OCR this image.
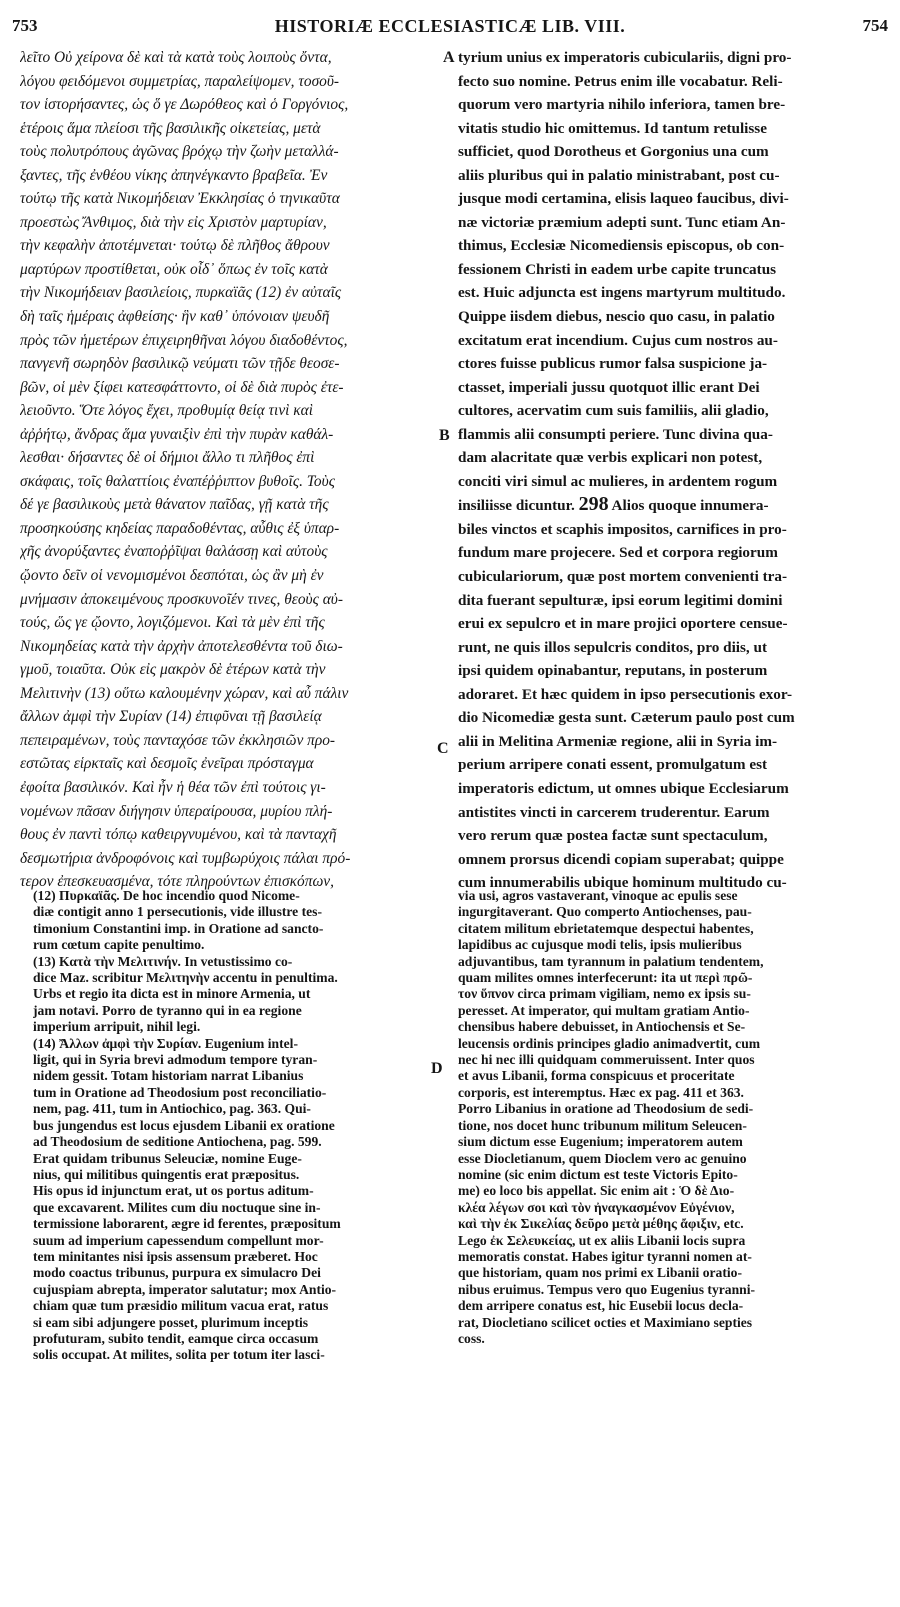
753	HISTORIÆ ECCLESIASTICÆ LIB. VIII.	754
λεῖτο Οὐ χείρονα δὲ καὶ τὰ κατὰ τοὺς λοιποὺς ὄντα,
λόγου φειδόμενοι συμμετρίας, παραλείψομεν, τοσοῦ-
τον ἱστορήσαντες, ὡς ὅ γε Δωρόθεος καὶ ὁ Γοργόνιος,
ἑτέροις ἅμα πλείοσι τῆς βασιλικῆς οἰκετείας, μετὰ
τοὺς πολυτρόπους ἀγῶνας βρόχῳ τὴν ζωὴν μεταλλά-
ξαντες, τῆς ἐνθέου νίκης ἀπηνέγκαντο βραβεῖα. Ἐν
τούτῳ τῆς κατὰ Νικομήδειαν Ἐκκλησίας ὁ τηνικαῦτα
προεστὼς Ἄνθιμος, διὰ τὴν εἰς Χριστὸν μαρτυρίαν,
τὴν κεφαλὴν ἀποτέμνεται· τούτῳ δὲ πλῆθος ἄθρουν
μαρτύρων προστίθεται, οὐκ οἶδ᾽ ὅπως ἐν τοῖς κατὰ
τὴν Νικομήδειαν βασιλείοις, πυρκαϊᾶς (12) ἐν αὐταῖς
δὴ ταῖς ἡμέραις ἀφθείσης· ἣν καθ᾽ ὑπόνοιαν ψευδῆ
πρὸς τῶν ἡμετέρων ἐπιχειρηθῆναι λόγου διαδοθέντος,
πανγενῆ σωρηδὸν βασιλικῷ νεύματι τῶν τῇδε θεοσε-
βῶν, οἱ μὲν ξίφει κατεσφάττοντο, οἱ δὲ διὰ πυρὸς ἐτε-
λειοῦντο. Ὅτε λόγος ἔχει, προθυμίᾳ θείᾳ τινὶ καὶ
ἀῤῥήτῳ, ἄνδρας ἅμα γυναιξὶν ἐπὶ τὴν πυρὰν καθάλ-
λεσθαι· δήσαντες δὲ οἱ δήμιοι ἄλλο τι πλῆθος ἐπὶ
σκάφαις, τοῖς θαλαττίοις ἐναπέῤῥιπτον βυθοῖς. Τοὺς
δέ γε βασιλικοὺς μετὰ θάνατον παῖδας, γῇ κατὰ τῆς
προσηκούσης κηδείας παραδοθέντας, αὖθις ἐξ ὑπαρ-
χῆς ἀνορύξαντες ἐναποῤῥῖψαι θαλάσσῃ καὶ αὐτοὺς
ᾤοντο δεῖν οἱ νενομισμένοι δεσπόται, ὡς ἂν μὴ ἐν
μνήμασιν ἀποκειμένους προσκυνοῖέν τινες, θεοὺς αὐ-
τούς, ὥς γε ᾤοντο, λογιζόμενοι. Καὶ τὰ μὲν ἐπὶ τῆς
Νικομηδείας κατὰ τὴν ἀρχὴν ἀποτελεσθέντα τοῦ διω-
γμοῦ, τοιαῦτα. Οὐκ εἰς μακρὸν δὲ ἑτέρων κατὰ τὴν
Μελιτινὴν (13) οὕτω καλουμένην χώραν, καὶ αὖ πάλιν
ἄλλων ἀμφὶ τὴν Συρίαν (14) ἐπιφῦναι τῇ βασιλείᾳ
πεπειραμένων, τοὺς πανταχόσε τῶν ἐκκλησιῶν προ-
εστῶτας εἱρκταῖς καὶ δεσμοῖς ἐνεῖραι πρόσταγμα
ἐφοίτα βασιλικόν. Καὶ ἦν ἡ θέα τῶν ἐπὶ τούτοις γι-
νομένων πᾶσαν διήγησιν ὑπεραίρουσα, μυρίου πλή-
θους ἐν παντὶ τόπῳ καθειργνυμένου, καὶ τὰ πανταχῆ
δεσμωτήρια ἀνδροφόνοις καὶ τυμβωρύχοις πάλαι πρό-
τερον ἐπεσκευασμένα, τότε πληρούντων ἐπισκόπων,
tyrium unius ex imperatoris cubiculariis, digni pro-
fecto suo nomine. Petrus enim ille vocabatur. Reli-
quorum vero martyria nihilo inferiora, tamen bre-
vitatis studio hic omittemus. Id tantum retulisse
sufficiet, quod Dorotheus et Gorgonius una cum
aliis pluribus qui in palatio ministrabant, post cu-
jusque modi certamina, elisis laqueo faucibus, divi-
næ victoriæ præmium adepti sunt. Tunc etiam An-
thimus, Ecclesiæ Nicomediensis episcopus, ob con-
fessionem Christi in eadem urbe capite truncatus
est. Huic adjuncta est ingens martyrum multitudo.
Quippe iisdem diebus, nescio quo casu, in palatio
excitatum erat incendium. Cujus cum nostros au-
ctores fuisse publicus rumor falsa suspicione ja-
ctasset, imperiali jussu quotquot illic erant Dei
cultores, acervatim cum suis familiis, alii gladio,
flammis alii consumpti periere. Tunc divina qua-
dam alacritate quæ verbis explicari non potest,
conciti viri simul ac mulieres, in ardentem rogum
insiliisse dicuntur. 298 Alios quoque innumera-
biles vinctos et scaphis impositos, carnifices in pro-
fundum mare projecere. Sed et corpora regiorum
cubiculariorum, quæ post mortem convenienti tra-
dita fuerant sepulturæ, ipsi eorum legitimi domini
erui ex sepulcro et in mare projici oportere censue-
runt, ne quis illos sepulcris conditos, pro diis, ut
ipsi quidem opinabantur, reputans, in posterum
adoraret. Et hæc quidem in ipso persecutionis exor-
dio Nicomediæ gesta sunt. Cæterum paulo post cum
alii in Melitina Armeniæ regione, alii in Syria im-
perium arripere conati essent, promulgatum est
imperatoris edictum, ut omnes ubique Ecclesiarum
antistites vincti in carcerem truderentur. Earum
vero rerum quæ postea factæ sunt spectaculum,
omnem prorsus dicendi copiam superabat; quippe
cum innumerabilis ubique hominum multitudo cu-
A
B
C
D
(12) Πυρκαϊᾶς. De hoc incendio quod Nicome-
diæ contigit anno 1 persecutionis, vide illustre tes-
timonium Constantini imp. in Oratione ad sancto-
rum cœtum capite penultimo.
(13) Κατὰ τὴν Μελιτινήν. In vetustissimo co-
dice Maz. scribitur Μελιτηνὴν accentu in penultima.
Urbs et regio ita dicta est in minore Armenia, ut
jam notavi. Porro de tyranno qui in ea regione
imperium arripuit, nihil legi.
(14) Ἄλλων ἀμφὶ τὴν Συρίαν. Eugenium intel-
ligit, qui in Syria brevi admodum tempore tyran-
nidem gessit. Totam historiam narrat Libanius
tum in Oratione ad Theodosium post reconciliatio-
nem, pag. 411, tum in Antiochico, pag. 363. Qui-
bus jungendus est locus ejusdem Libanii ex oratione
ad Theodosium de seditione Antiochena, pag. 599.
Erat quidam tribunus Seleuciæ, nomine Euge-
nius, qui militibus quingentis erat præpositus.
His opus id injunctum erat, ut os portus aditum-
que excavarent. Milites cum diu noctuque sine in-
termissione laborarent, ægre id ferentes, præpositum
suum ad imperium capessendum compellunt mor-
tem minitantes nisi ipsis assensum præberet. Hoc
modo coactus tribunus, purpura ex simulacro Dei
cujuspiam abrepta, imperator salutatur; mox Antio-
chiam quæ tum præsidio militum vacua erat, ratus
si eam sibi adjungere posset, plurimum inceptis
profuturam, subito tendit, eamque circa occasum
solis occupat. At milites, solita per totum iter lasci-
via usi, agros vastaverant, vinoque ac epulis sese
ingurgitaverant. Quo comperto Antiochenses, pau-
citatem militum ebrietatemque despectui habentes,
lapidibus ac cujusque modi telis, ipsis mulieribus
adjuvantibus, tam tyrannum in palatium tendentem,
quam milites omnes interfecerunt: ita ut περὶ πρῶ-
τον ὕπνον circa primam vigiliam, nemo ex ipsis su-
peresset. At imperator, qui multam gratiam Antio-
chensibus habere debuisset, in Antiochensis et Se-
leucensis ordinis principes gladio animadvertit, cum
nec hi nec illi quidquam commeruissent. Inter quos
et avus Libanii, forma conspicuus et proceritate
corporis, est interemptus. Hæc ex pag. 411 et 363.
Porro Libanius in oratione ad Theodosium de sedi-
tione, nos docet hunc tribunum militum Seleucen-
sium dictum esse Eugenium; imperatorem autem
esse Diocletianum, quem Dioclem vero ac genuino
nomine (sic enim dictum est teste Victoris Epito-
me) eo loco bis appellat. Sic enim ait : Ὁ δὲ Διο-
κλέα λέγων σοι καὶ τὸν ἠναγκασμένον Εὐγένιον,
καὶ τὴν ἐκ Σικελίας δεῦρο μετὰ μέθης ἄφιξιν, etc.
Lego ἐκ Σελευκείας, ut ex aliis Libanii locis supra
memoratis constat. Habes igitur tyranni nomen at-
que historiam, quam nos primi ex Libanii oratio-
nibus eruimus. Tempus vero quo Eugenius tyranni-
dem arripere conatus est, hic Eusebii locus decla-
rat, Diocletiano scilicet octies et Maximiano septies
coss.
